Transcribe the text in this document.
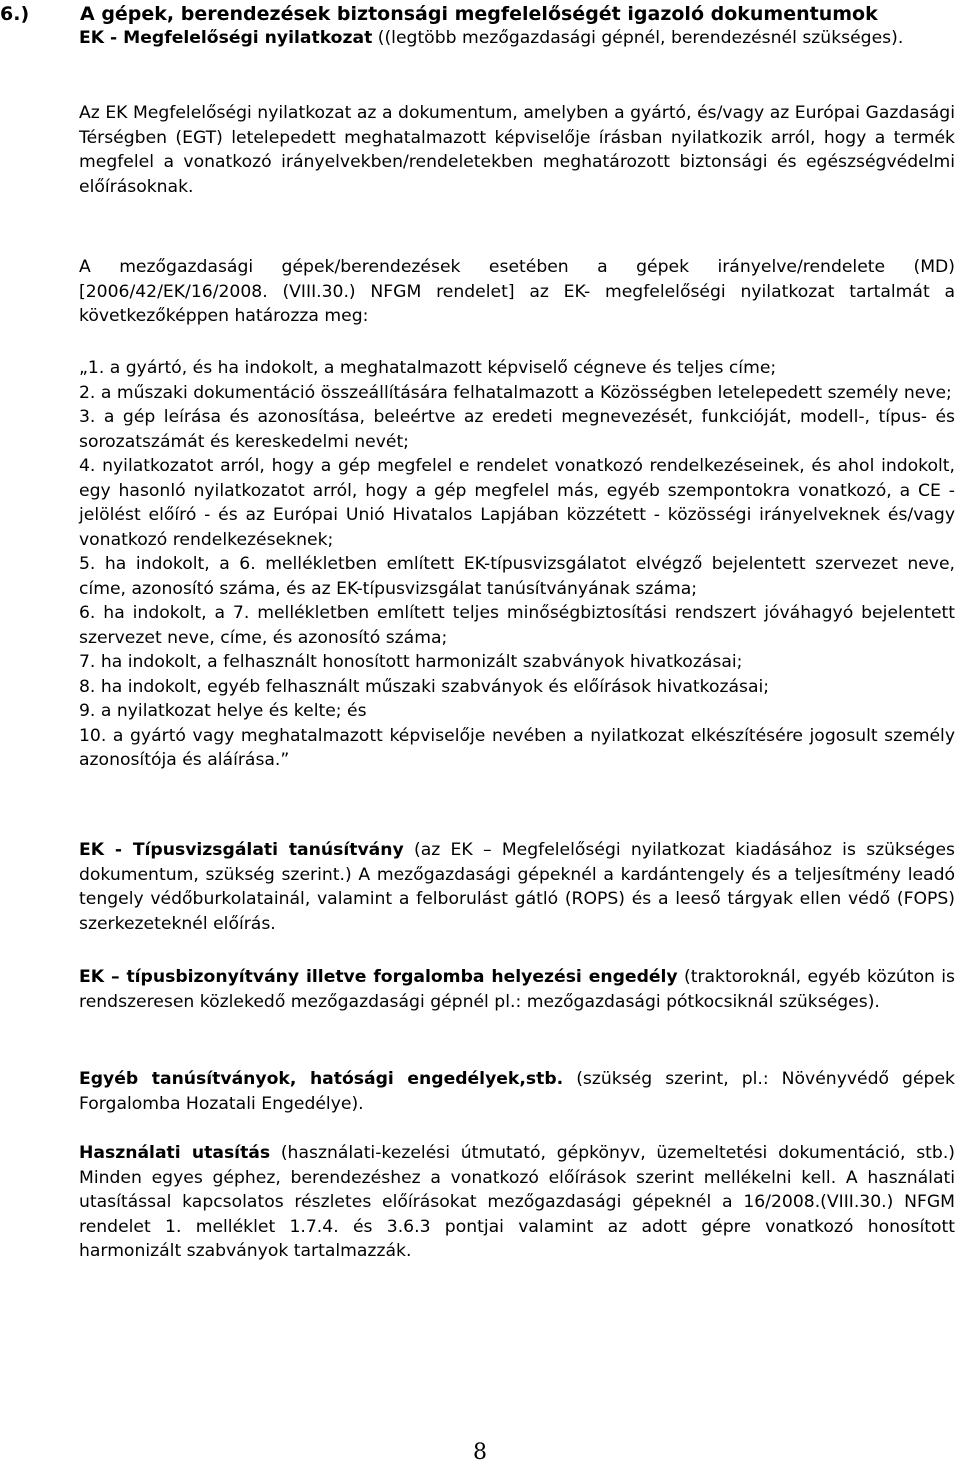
6.)	A gépek, berendezések biztonsági megfelelőségét igazoló dokumentumok

EK - Megfelelőségi nyilatkozat ((legtöbb mezőgazdasági gépnél, berendezésnél szükséges).

Az EK Megfelelőségi nyilatkozat az a dokumentum, amelyben a gyártó, és/vagy az Európai Gazdasági Térségben (EGT) letelepedett meghatalmazott képviselője írásban nyilatkozik arról, hogy a termék megfelel a vonatkozó irányelvekben/rendeletekben meghatározott biztonsági és egészségvédelmi előírásoknak.

A mezőgazdasági gépek/berendezések esetében a gépek irányelve/rendelete (MD) [2006/42/EK/16/2008. (VIII.30.) NFGM rendelet] az EK- megfelelőségi nyilatkozat tartalmát a következőképpen határozza meg:

„1. a gyártó, és ha indokolt, a meghatalmazott képviselő cégneve és teljes címe;
2. a műszaki dokumentáció összeállítására felhatalmazott a Közösségben letelepedett személy neve;
3. a gép leírása és azonosítása, beleértve az eredeti megnevezését, funkcióját, modell-, típus- és sorozatszámát és kereskedelmi nevét;
4. nyilatkozatot arról, hogy a gép megfelel e rendelet vonatkozó rendelkezéseinek, és ahol indokolt, egy hasonló nyilatkozatot arról, hogy a gép megfelel más, egyéb szempontokra vonatkozó, a CE - jelölést előíró - és az Európai Unió Hivatalos Lapjában közzétett - közösségi irányelveknek és/vagy vonatkozó rendelkezéseknek;
5. ha indokolt, a 6. mellékletben említett EK-típusvizsgálatot elvégző bejelentett szervezet neve, címe, azonosító száma, és az EK-típusvizsgálat tanúsítványának száma;
6. ha indokolt, a 7. mellékletben említett teljes minőségbiztosítási rendszert jóváhagyó bejelentett szervezet neve, címe, és azonosító száma;
7. ha indokolt, a felhasznált honosított harmonizált szabványok hivatkozásai;
8. ha indokolt, egyéb felhasznált műszaki szabványok és előírások hivatkozásai;
9. a nyilatkozat helye és kelte; és
10. a gyártó vagy meghatalmazott képviselője nevében a nyilatkozat elkészítésére jogosult személy azonosítója és aláírása.”

EK - Típusvizsgálati tanúsítvány (az EK – Megfelelőségi nyilatkozat kiadásához is szükséges dokumentum, szükség szerint.) A mezőgazdasági gépeknél a kardántengely és a teljesítmény leadó tengely védőburkolatainál, valamint a felborulást gátló (ROPS) és a leeső tárgyak ellen védő (FOPS) szerkezeteknél előírás.

EK – típusbizonyítvány illetve forgalomba helyezési engedély (traktoroknál, egyéb közúton is rendszeresen közlekedő mezőgazdasági gépnél pl.: mezőgazdasági pótkocsiknál szükséges).

Egyéb tanúsítványok, hatósági engedélyek,stb. (szükség szerint, pl.: Növényvédő gépek Forgalomba Hozatali Engedélye).

Használati utasítás (használati-kezelési útmutató, gépkönyv, üzemeltetési dokumentáció, stb.) Minden egyes géphez, berendezéshez a vonatkozó előírások szerint mellékelni kell. A használati utasítással kapcsolatos részletes előírásokat mezőgazdasági gépeknél a 16/2008.(VIII.30.) NFGM rendelet 1. melléklet 1.7.4. és 3.6.3 pontjai valamint az adott gépre vonatkozó honosított harmonizált szabványok tartalmazzák.

8
